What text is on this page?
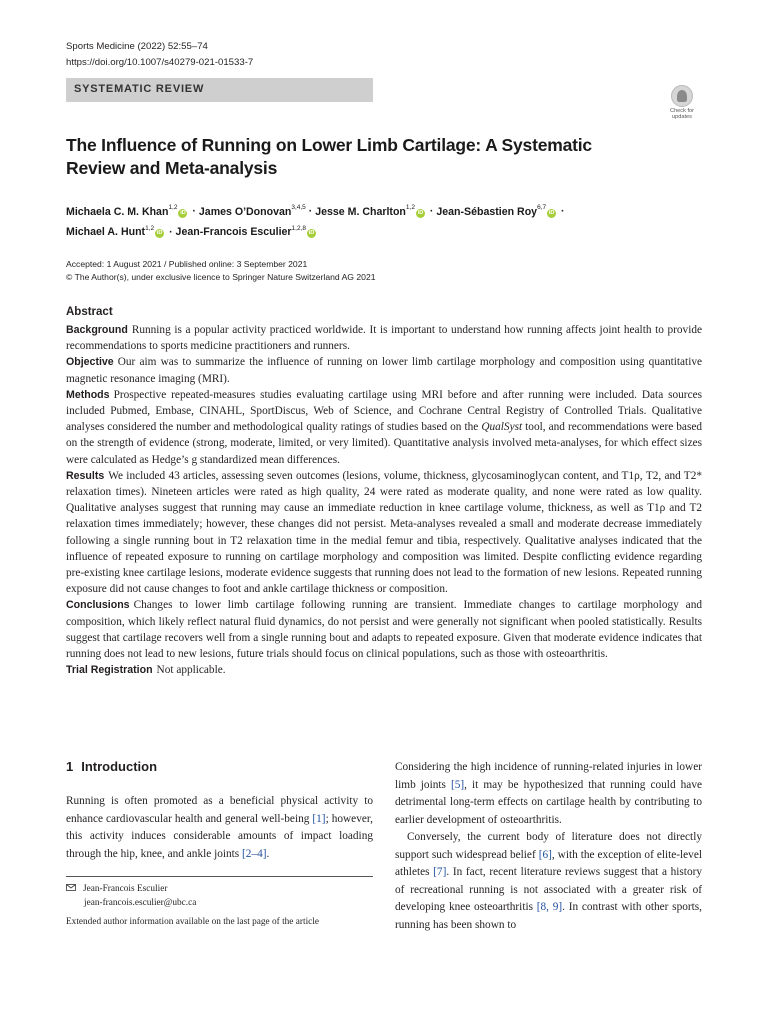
Sports Medicine (2022) 52:55–74
https://doi.org/10.1007/s40279-021-01533-7
SYSTEMATIC REVIEW
Check for
updates
The Influence of Running on Lower Limb Cartilage: A Systematic Review and Meta-analysis
Michaela C. M. Khan$^{1,2}$iD · James O’Donovan$^{3,4,5}$ · Jesse M. Charlton$^{1,2}$iD · Jean-Sébastien Roy$^{6,7}$iD ·
Michael A. Hunt$^{1,2}$iD · Jean-Francois Esculier$^{1,2,8}$iD
Accepted: 1 August 2021 / Published online: 3 September 2021
© The Author(s), under exclusive licence to Springer Nature Switzerland AG 2021
Abstract

Background Running is a popular activity practiced worldwide. It is important to understand how running affects joint health to provide recommendations to sports medicine practitioners and runners.

Objective Our aim was to summarize the influence of running on lower limb cartilage morphology and composition using quantitative magnetic resonance imaging (MRI).

Methods Prospective repeated-measures studies evaluating cartilage using MRI before and after running were included. Data sources included Pubmed, Embase, CINAHL, SportDiscus, Web of Science, and Cochrane Central Registry of Controlled Trials. Qualitative analyses considered the number and methodological quality ratings of studies based on the QualSyst tool, and recommendations were based on the strength of evidence (strong, moderate, limited, or very limited). Quantitative analysis involved meta-analyses, for which effect sizes were calculated as Hedge’s g standardized mean differences.

Results We included 43 articles, assessing seven outcomes (lesions, volume, thickness, glycosaminoglycan content, and T1ρ, T2, and T2* relaxation times). Nineteen articles were rated as high quality, 24 were rated as moderate quality, and none were rated as low quality. Qualitative analyses suggest that running may cause an immediate reduction in knee cartilage volume, thickness, as well as T1ρ and T2 relaxation times immediately; however, these changes did not persist. Meta-analyses revealed a small and moderate decrease immediately following a single running bout in T2 relaxation time in the medial femur and tibia, respectively. Qualitative analyses indicated that the influence of repeated exposure to running on cartilage morphology and composition was limited. Despite conflicting evidence regarding pre-existing knee cartilage lesions, moderate evidence suggests that running does not lead to the formation of new lesions. Repeated running exposure did not cause changes to foot and ankle cartilage thickness or composition.

Conclusions Changes to lower limb cartilage following running are transient. Immediate changes to cartilage morphology and composition, which likely reflect natural fluid dynamics, do not persist and were generally not significant when pooled statistically. Results suggest that cartilage recovers well from a single running bout and adapts to repeated exposure. Given that moderate evidence indicates that running does not lead to new lesions, future trials should focus on clinical populations, such as those with osteoarthritis.

Trial Registration Not applicable.

1 Introduction

Running is often promoted as a beneficial physical activity to enhance cardiovascular health and general well-being [1]; however, this activity induces considerable amounts of impact loading through the hip, knee, and ankle joints [2–4].

Considering the high incidence of running-related injuries in lower limb joints [5], it may be hypothesized that running could have detrimental long-term effects on cartilage health by contributing to earlier development of osteoarthritis.

Conversely, the current body of literature does not directly support such widespread belief [6], with the exception of elite-level athletes [7]. In fact, recent literature reviews suggest that a history of recreational running is not associated with a greater risk of developing knee osteoarthritis [8, 9]. In contrast with other sports, running has been shown to

Jean-Francois Esculier
jean-francois.esculier@ubc.ca
Extended author information available on the last page of the article
